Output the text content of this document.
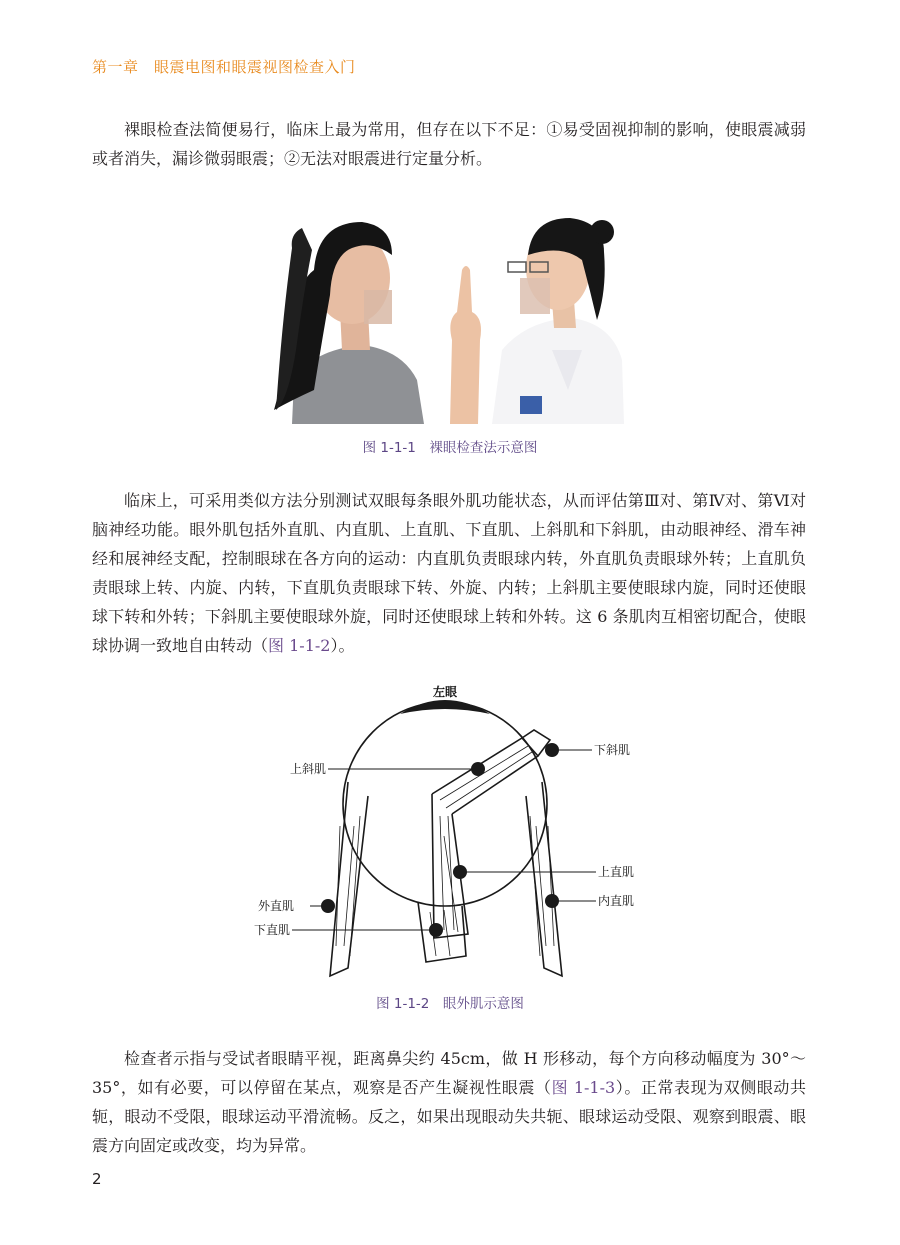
第一章　眼震电图和眼震视图检查入门

裸眼检查法简便易行，临床上最为常用，但存在以下不足：①易受固视抑制的影响，使眼震减弱或者消失，漏诊微弱眼震；②无法对眼震进行定量分析。

图 1-1-1　裸眼检查法示意图

临床上，可采用类似方法分别测试双眼每条眼外肌功能状态，从而评估第Ⅲ对、第Ⅳ对、第Ⅵ对脑神经功能。眼外肌包括外直肌、内直肌、上直肌、下直肌、上斜肌和下斜肌，由动眼神经、滑车神经和展神经支配，控制眼球在各方向的运动：内直肌负责眼球内转，外直肌负责眼球外转；上直肌负责眼球上转、内旋、内转，下直肌负责眼球下转、外旋、内转；上斜肌主要使眼球内旋，同时还使眼球下转和外转；下斜肌主要使眼球外旋，同时还使眼球上转和外转。这 6 条肌肉互相密切配合，使眼球协调一致地自由转动（图 1-1-2）。

左眼
下斜肌
上斜肌
上直肌
外直肌	内直肌
下直肌
图 1-1-2　眼外肌示意图

检查者示指与受试者眼睛平视，距离鼻尖约 45cm，做 H 形移动，每个方向移动幅度为 30°～35°，如有必要，可以停留在某点，观察是否产生凝视性眼震（图 1-1-3）。正常表现为双侧眼动共轭，眼动不受限，眼球运动平滑流畅。反之，如果出现眼动失共轭、眼球运动受限、观察到眼震、眼震方向固定或改变，均为异常。

2
